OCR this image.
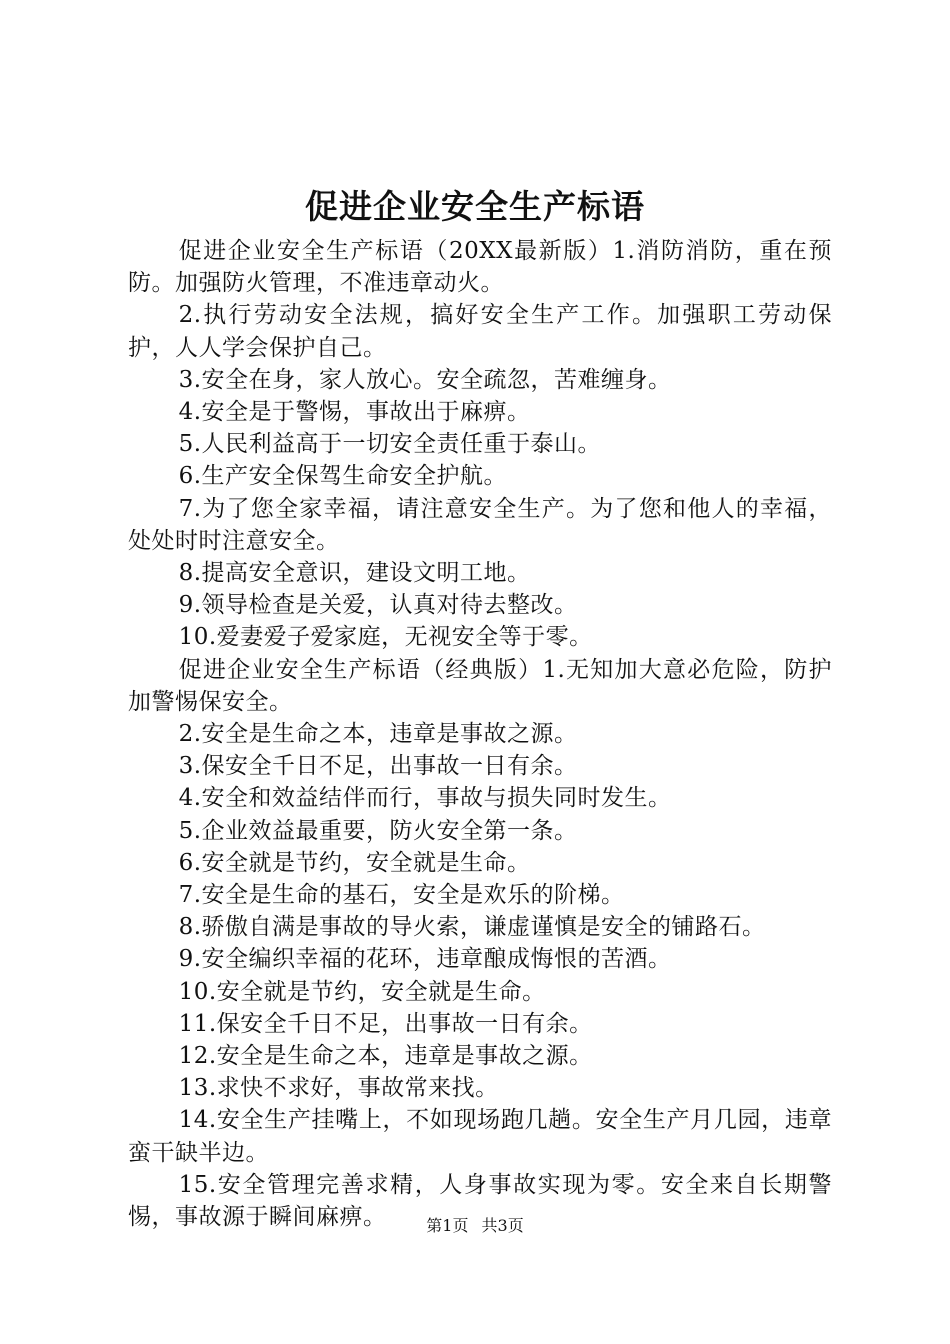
促进企业安全生产标语

促进企业安全生产标语（20XX最新版）1.消防消防，重在预防。加强防火管理，不准违章动火。

2.执行劳动安全法规，搞好安全生产工作。加强职工劳动保护，人人学会保护自己。

3.安全在身，家人放心。安全疏忽，苦难缠身。

4.安全是于警惕，事故出于麻痹。

5.人民利益高于一切安全责任重于泰山。

6.生产安全保驾生命安全护航。

7.为了您全家幸福，请注意安全生产。为了您和他人的幸福，处处时时注意安全。

8.提高安全意识，建设文明工地。

9.领导检查是关爱，认真对待去整改。

10.爱妻爱子爱家庭，无视安全等于零。

促进企业安全生产标语（经典版）1.无知加大意必危险，防护加警惕保安全。

2.安全是生命之本，违章是事故之源。

3.保安全千日不足，出事故一日有余。

4.安全和效益结伴而行，事故与损失同时发生。

5.企业效益最重要，防火安全第一条。

6.安全就是节约，安全就是生命。

7.安全是生命的基石，安全是欢乐的阶梯。

8.骄傲自满是事故的导火索，谦虚谨慎是安全的铺路石。

9.安全编织幸福的花环，违章酿成悔恨的苦酒。

10.安全就是节约，安全就是生命。

11.保安全千日不足，出事故一日有余。

12.安全是生命之本，违章是事故之源。

13.求快不求好，事故常来找。

14.安全生产挂嘴上，不如现场跑几趟。安全生产月几园，违章蛮干缺半边。

15.安全管理完善求精，人身事故实现为零。安全来自长期警惕，事故源于瞬间麻痹。	第1页 共3页
